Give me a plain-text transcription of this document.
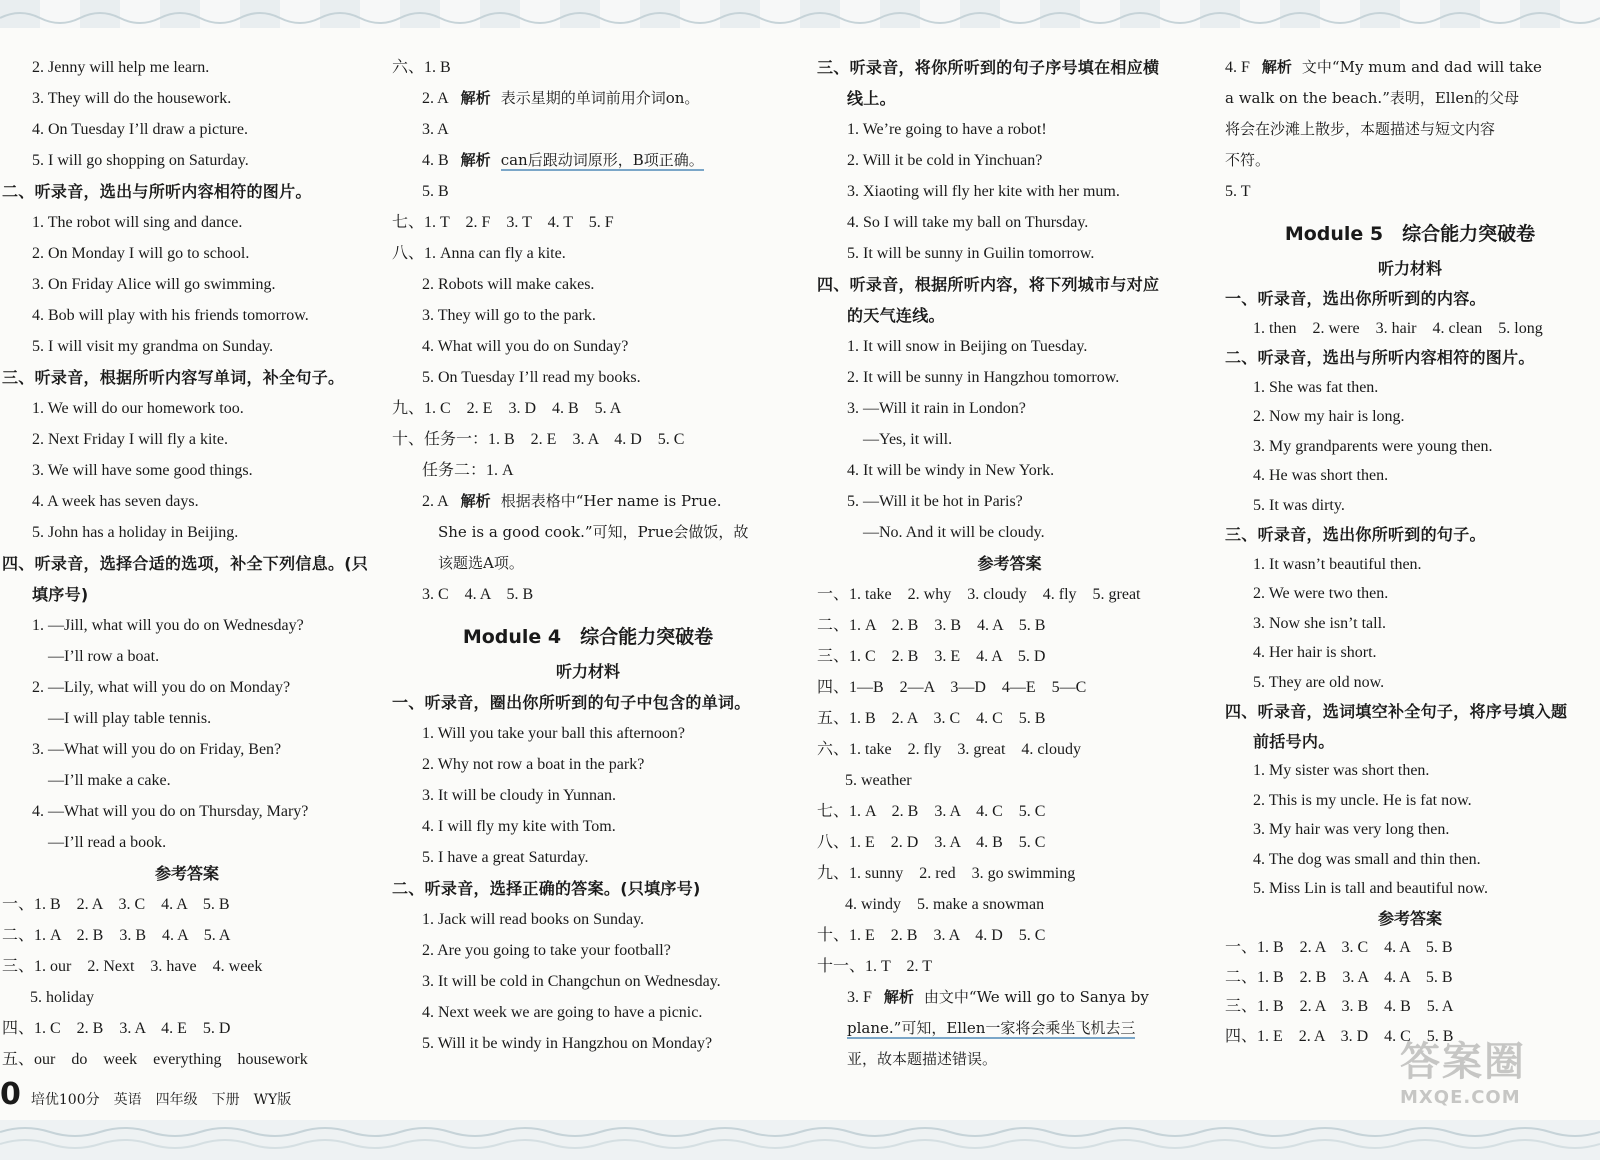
2. Jenny will help me learn.
3. They will do the housework.
4. On Tuesday I’ll draw a picture.
5. I will go shopping on Saturday.
二、听录音，选出与所听内容相符的图片。
1. The robot will sing and dance.
2. On Monday I will go to school.
3. On Friday Alice will go swimming.
4. Bob will play with his friends tomorrow.
5. I will visit my grandma on Sunday.
三、听录音，根据所听内容写单词，补全句子。
1. We will do our homework too.
2. Next Friday I will fly a kite.
3. We will have some good things.
4. A week has seven days.
5. John has a holiday in Beijing.
四、听录音，选择合适的选项，补全下列信息。(只
填序号)
1. —Jill, what will you do on Wednesday?
—I’ll row a boat.
2. —Lily, what will you do on Monday?
—I will play table tennis.
3. —What will you do on Friday, Ben?
—I’ll make a cake.
4. —What will you do on Thursday, Mary?
—I’ll read a book.
参考答案
一、1. B　2. A　3. C　4. A　5. B
二、1. A　2. B　3. B　4. A　5. A
三、1. our　2. Next　3. have　4. week
5. holiday
四、1. C　2. B　3. A　4. E　5. D
五、our　do　week　everything　housework
六、1. B
2. A 解析 表示星期的单词前用介词on。
3. A
4. B 解析 can后跟动词原形，B项正确。
5. B
七、1. T　2. F　3. T　4. T　5. F
八、1. Anna can fly a kite.
2. Robots will make cakes.
3. They will go to the park.
4. What will you do on Sunday?
5. On Tuesday I’ll read my books.
九、1. C　2. E　3. D　4. B　5. A
十、任务一：1. B　2. E　3. A　4. D　5. C
任务二：1. A
2. A 解析 根据表格中“Her name is Prue.
She is a good cook.”可知，Prue会做饭，故
该题选A项。
3. C　4. A　5. B
Module 4　综合能力突破卷
听力材料
一、听录音，圈出你所听到的句子中包含的单词。
1. Will you take your ball this afternoon?
2. Why not row a boat in the park?
3. It will be cloudy in Yunnan.
4. I will fly my kite with Tom.
5. I have a great Saturday.
二、听录音，选择正确的答案。(只填序号)
1. Jack will read books on Sunday.
2. Are you going to take your football?
3. It will be cold in Changchun on Wednesday.
4. Next week we are going to have a picnic.
5. Will it be windy in Hangzhou on Monday?
三、听录音，将你所听到的句子序号填在相应横
线上。
1. We’re going to have a robot!
2. Will it be cold in Yinchuan?
3. Xiaoting will fly her kite with her mum.
4. So I will take my ball on Thursday.
5. It will be sunny in Guilin tomorrow.
四、听录音，根据所听内容，将下列城市与对应
的天气连线。
1. It will snow in Beijing on Tuesday.
2. It will be sunny in Hangzhou tomorrow.
3. —Will it rain in London?
—Yes, it will.
4. It will be windy in New York.
5. —Will it be hot in Paris?
—No. And it will be cloudy.
参考答案
一、1. take　2. why　3. cloudy　4. fly　5. great
二、1. A　2. B　3. B　4. A　5. B
三、1. C　2. B　3. E　4. A　5. D
四、1—B　2—A　3—D　4—E　5—C
五、1. B　2. A　3. C　4. C　5. B
六、1. take　2. fly　3. great　4. cloudy
5. weather
七、1. A　2. B　3. A　4. C　5. C
八、1. E　2. D　3. A　4. B　5. C
九、1. sunny　2. red　3. go swimming
4. windy　5. make a snowman
十、1. E　2. B　3. A　4. D　5. C
十一、1. T　2. T
3. F 解析 由文中“We will go to Sanya by
plane.”可知，Ellen一家将会乘坐飞机去三
亚，故本题描述错误。
4. F 解析 文中“My mum and dad will take
a walk on the beach.”表明，Ellen的父母
将会在沙滩上散步，本题描述与短文内容
不符。
5. T
Module 5　综合能力突破卷
听力材料
一、听录音，选出你所听到的内容。
1. then　2. were　3. hair　4. clean　5. long
二、听录音，选出与所听内容相符的图片。
1. She was fat then.
2. Now my hair is long.
3. My grandparents were young then.
4. He was short then.
5. It was dirty.
三、听录音，选出你所听到的句子。
1. It wasn’t beautiful then.
2. We were two then.
3. Now she isn’t tall.
4. Her hair is short.
5. They are old now.
四、听录音，选词填空补全句子，将序号填入题
前括号内。
1. My sister was short then.
2. This is my uncle. He is fat now.
3. My hair was very long then.
4. The dog was small and thin then.
5. Miss Lin is tall and beautiful now.
参考答案
一、1. B　2. A　3. C　4. A　5. B
二、1. B　2. B　3. A　4. A　5. B
三、1. B　2. A　3. B　4. B　5. A
四、1. E　2. A　3. D　4. C　5. B
0 培优100分　英语　四年级　下册　WY版
答案圈
MXQE.COM
